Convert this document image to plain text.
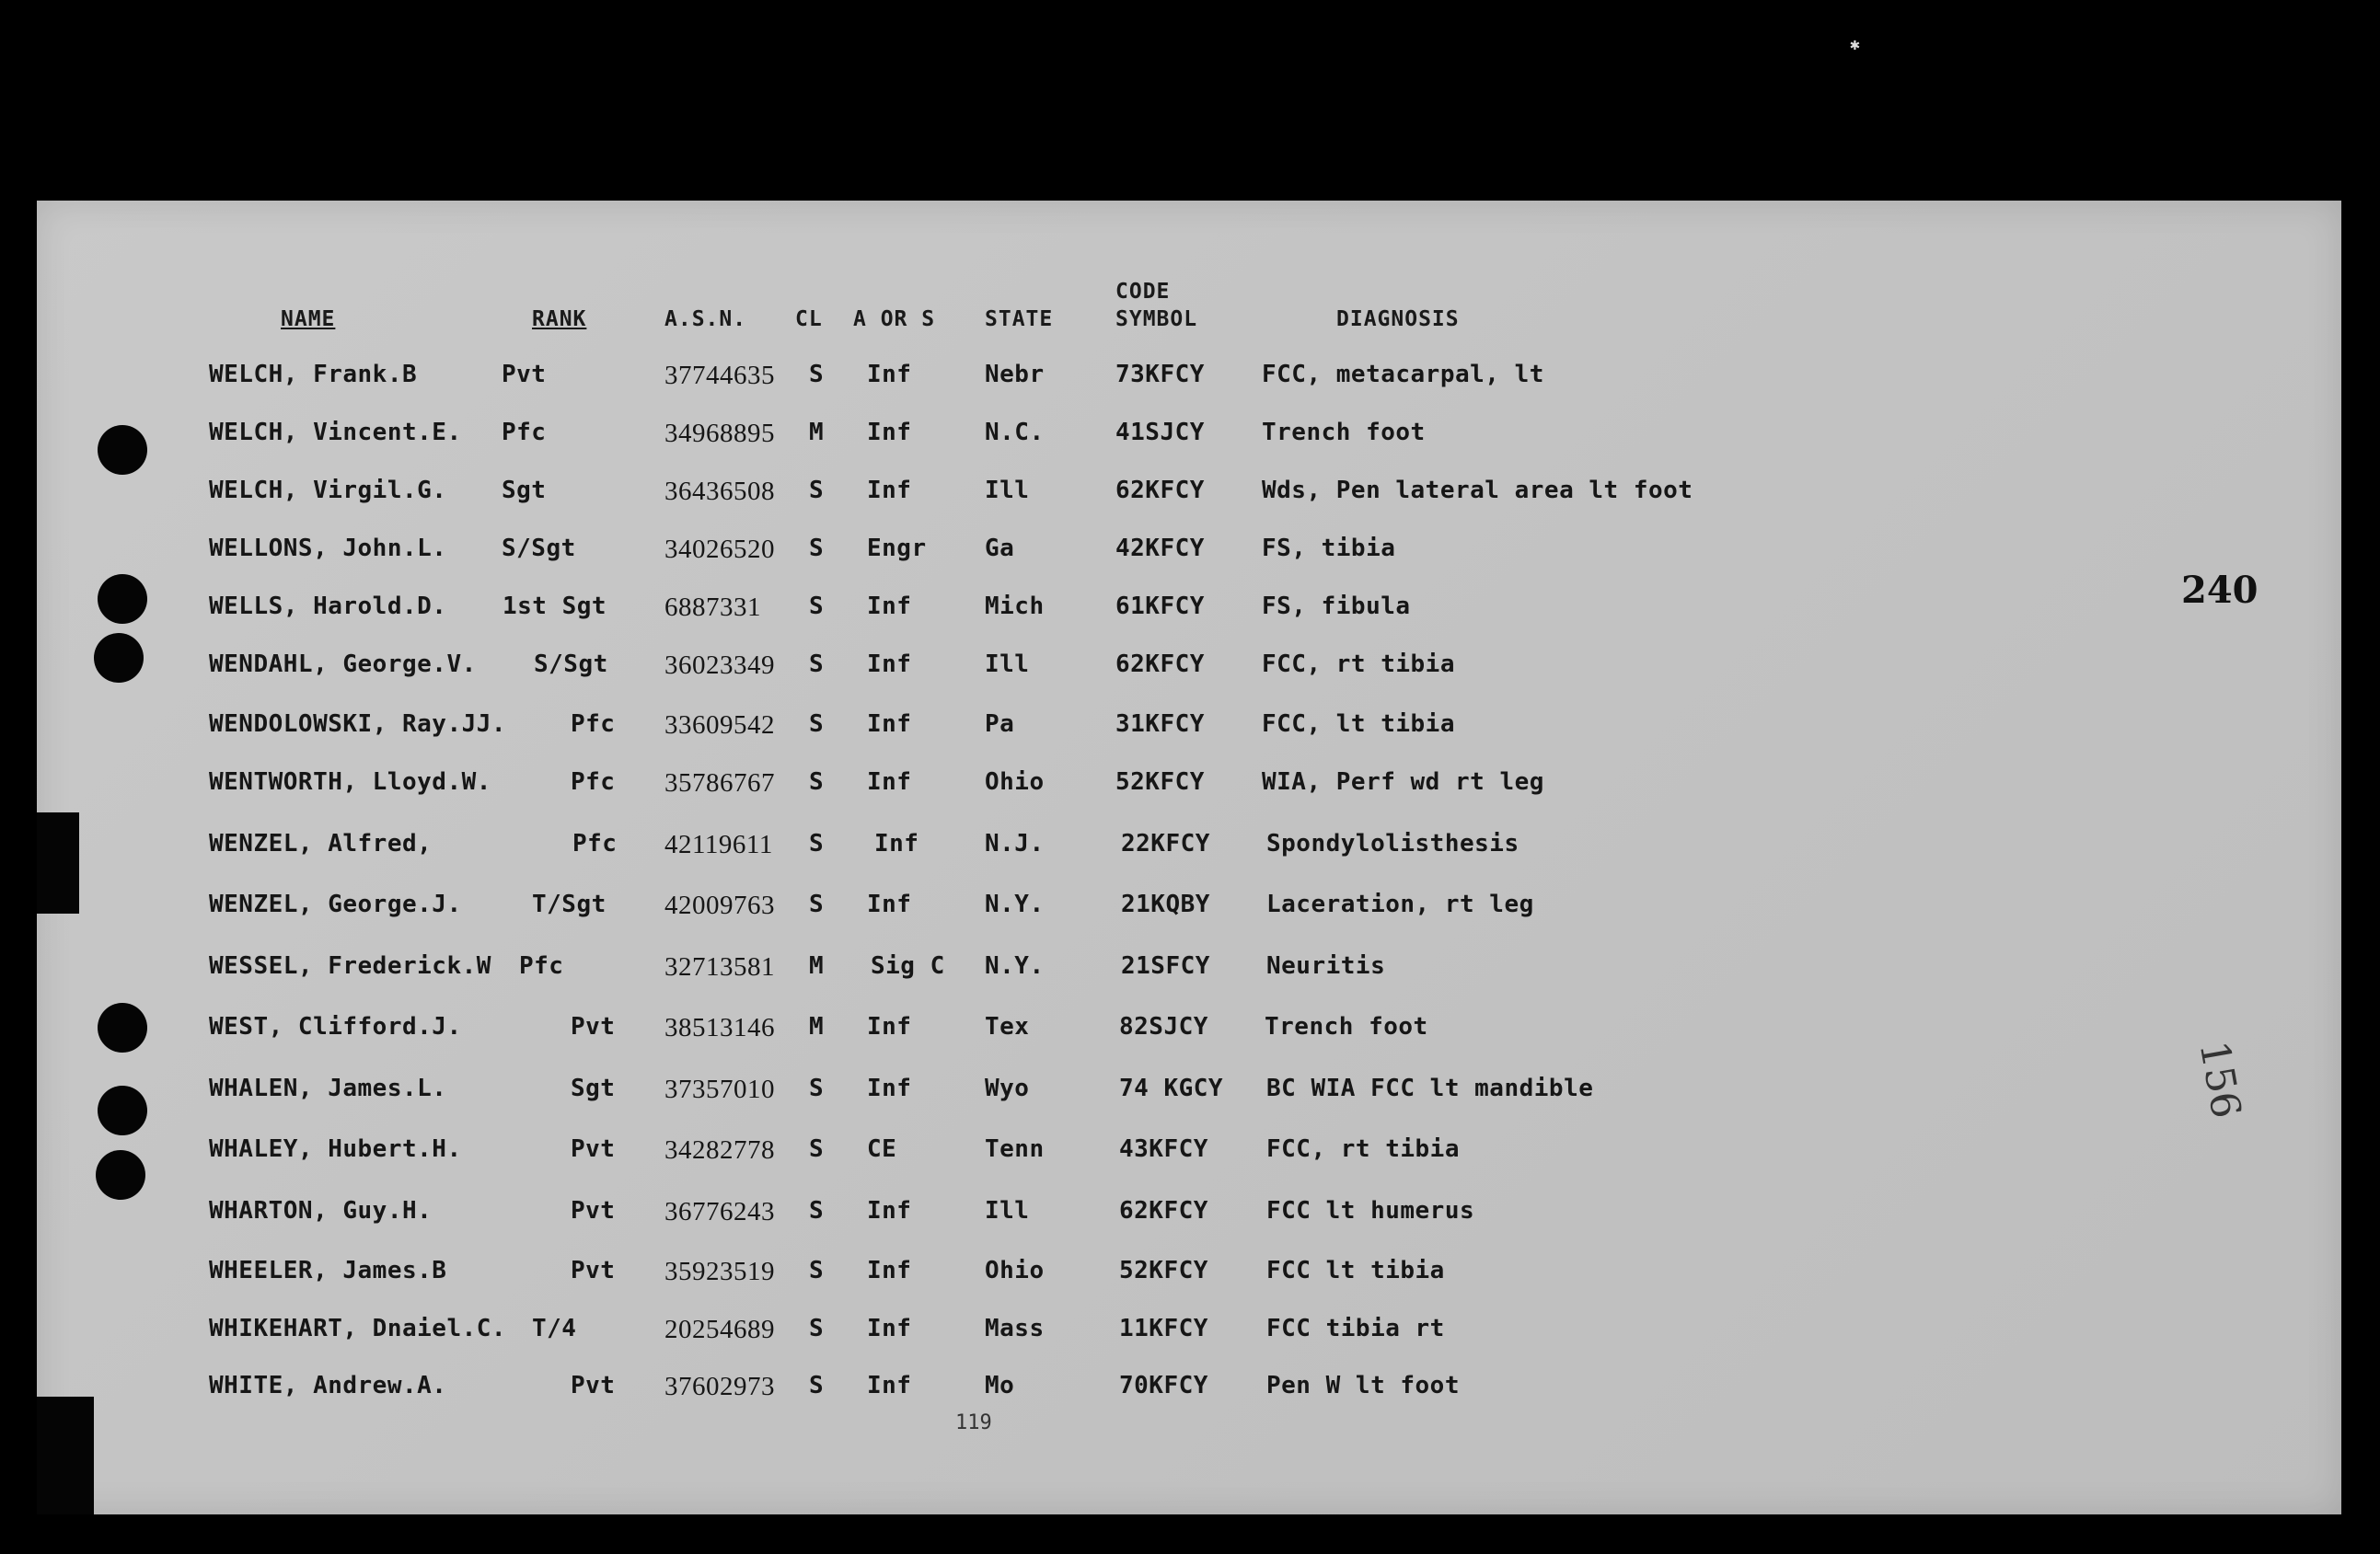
✱
NAME	RANK	A.S.N. CL A OR S STATE
CODE
SYMBOL	DIAGNOSIS
240
156
WELCH, Frank.B	Pvt	37744635 S Inf	Nebr	73KFCY FCC, metacarpal, lt
WELCH, Vincent.E. Pfc	34968895 M Inf	N.C.	41SJCY Trench foot
WELCH, Virgil.G. Sgt	36436508 S Inf	Ill	62KFCY Wds, Pen lateral area lt foot
WELLONS, John.L. S/Sgt	34026520 S Engr Ga	42KFCY FS, tibia
WELLS, Harold.D. 1st Sgt 6887331 S Inf	Mich	61KFCY FS, fibula
WENDAHL, George.V. S/Sgt 36023349 S Inf	Ill	62KFCY FCC, rt tibia
WENDOLOWSKI, Ray.JJ.	Pfc 33609542 S Inf	Pa	31KFCY FCC, lt tibia
WENTWORTH, Lloyd.W.	Pfc 35786767 S Inf	Ohio	52KFCY WIA, Perf wd rt leg
WENZEL, Alfred,	Pfc 42119611 S Inf	N.J.	22KFCY Spondylolisthesis
WENZEL, George.J.	T/Sgt 42009763 S Inf	N.Y.	21KQBY Laceration, rt leg
WESSEL, Frederick.W Pfc	32713581 M Sig C N.Y.	21SFCY Neuritis
WEST, Clifford.J.	Pvt 38513146 M Inf	Tex	82SJCY Trench foot
WHALEN, James.L.	Sgt 37357010 S Inf	Wyo	74 KGCY BC WIA FCC lt mandible
WHALEY, Hubert.H.	Pvt 34282778 S CE	Tenn	43KFCY FCC, rt tibia
WHARTON, Guy.H.	Pvt 36776243 S Inf	Ill	62KFCY FCC lt humerus
WHEELER, James.B	Pvt 35923519 S Inf	Ohio	52KFCY FCC lt tibia
WHIKEHART, Dnaiel.C. T/4	20254689 S Inf	Mass	11KFCY FCC tibia rt
WHITE, Andrew.A.	Pvt 37602973 S Inf	Mo	70KFCY Pen W lt foot
119
